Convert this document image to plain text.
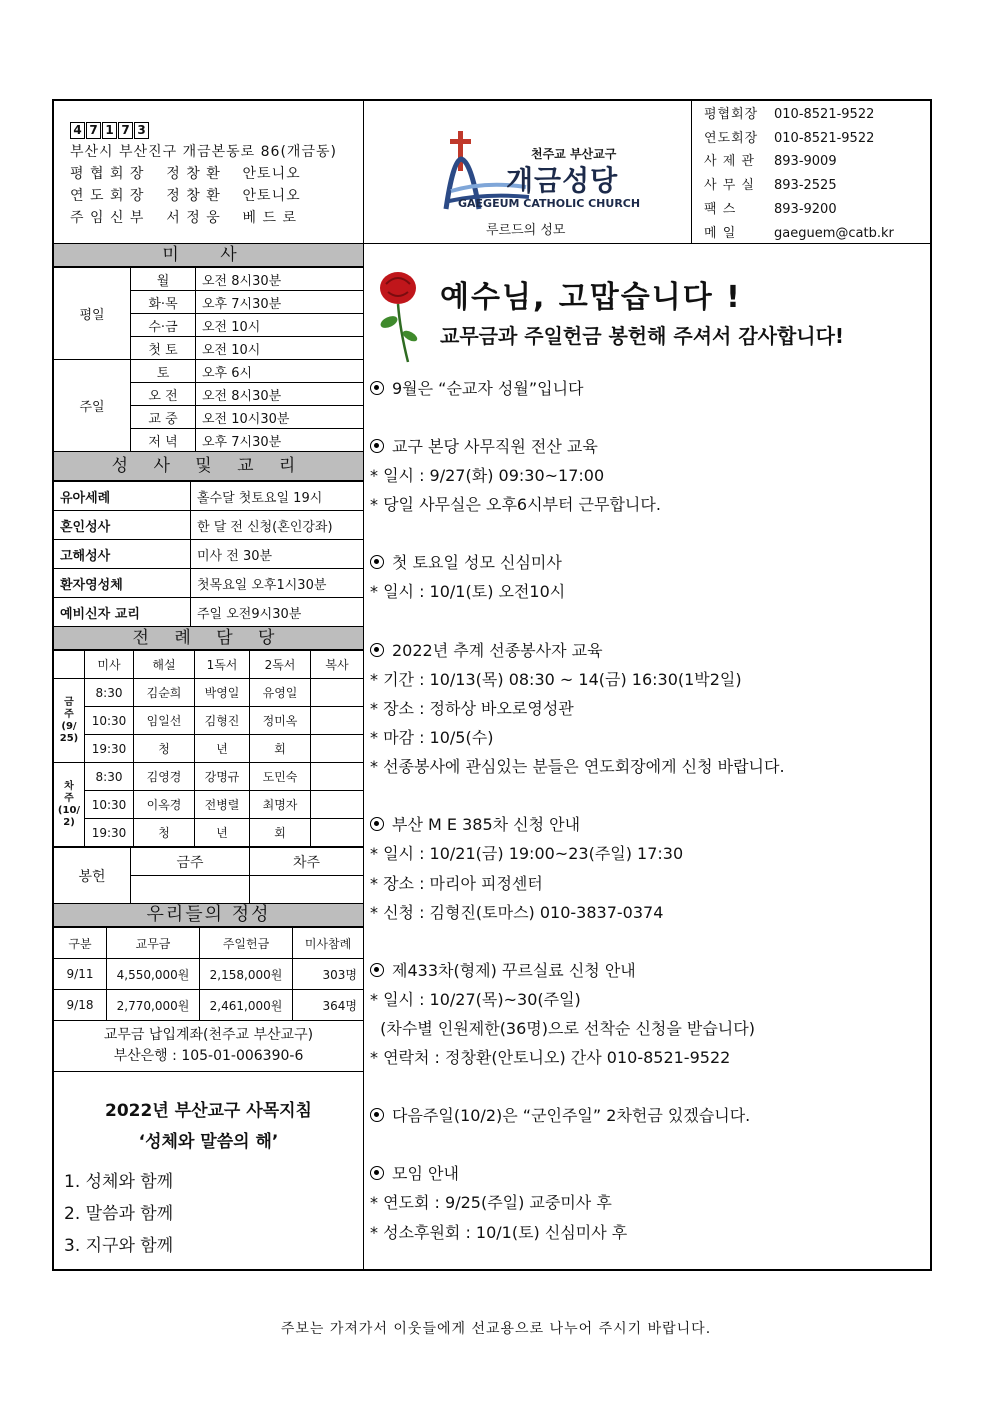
4 7 1 7 3
부산시 부산진구 개금본동로 86(개금동)
평 협 회 장    정 창 환    안토니오
연 도 회 장    정 창 환    안토니오
주 임 신 부    서 정 웅    베 드 로
천주교 부산교구
개금성당
GAEGEUM CATHOLIC CHURCH
루르드의 성모
평협회장 010-8521-9522
연도회장 010-8521-9522
사 제 관 893-9009
사 무 실 893-2525
팩 스	893-9200
메 일	gaeguem@catb.kr
미 사
평일	월	오전 8시30분
	화·목	오후 7시30분
	수·금	오전 10시
	첫 토	오전 10시
주일	토	오후 6시
	오 전	오전 8시30분
	교 중	오전 10시30분
	저 녁	오후 7시30분
성 사 및 교 리
유아세례	홀수달 첫토요일 19시
혼인성사	한 달 전 신청(혼인강좌)
고해성사	미사 전 30분
환자영성체	첫목요일 오후1시30분
예비신자 교리	주일 오전9시30분
전 례 담 당
	미사	해설	1독서	2독서	복사
금
주
(9/
25)	8:30	김순희	박영일	유영일	
	10:30	임일선	김형진	정미옥	
	19:30	청	년	회	
차
주
(10/
2)	8:30	김영경	강명규	도민숙	
	10:30	이옥경	전병렬	최명자	
	19:30	청	년	회	
봉헌	금주	차주

우리들의 정성
구분	교무금	주일헌금	미사참례
9/11	4,550,000원	2,158,000원	303명
9/18	2,770,000원	2,461,000원	364명
교무금 납입계좌(천주교 부산교구)
부산은행 : 105-01-006390-6
2022년 부산교구 사목지침
‘성체와 말씀의 해’
1. 성체와 함께
2. 말씀과 함께
3. 지구와 함께
예수님, 고맙습니다 !
교무금과 주일헌금 봉헌해 주셔서 감사합니다!
9월은 “순교자 성월”입니다
교구 본당 사무직원 전산 교육
* 일시 : 9/27(화) 09:30~17:00
* 당일 사무실은 오후6시부터 근무합니다.
첫 토요일 성모 신심미사
* 일시 : 10/1(토) 오전10시
2022년 추계 선종봉사자 교육
* 기간 : 10/13(목) 08:30 ~ 14(금) 16:30(1박2일)
* 장소 : 정하상 바오로영성관
* 마감 : 10/5(수)
* 선종봉사에 관심있는 분들은 연도회장에게 신청 바랍니다.
부산 M E 385차 신청 안내
* 일시 : 10/21(금) 19:00~23(주일) 17:30
* 장소 : 마리아 피정센터
* 신청 : 김형진(토마스) 010-3837-0374
제433차(형제) 꾸르실료 신청 안내
* 일시 : 10/27(목)~30(주일)
(차수별 인원제한(36명)으로 선착순 신청을 받습니다)
* 연락처 : 정창환(안토니오) 간사 010-8521-9522
다음주일(10/2)은 “군인주일” 2차헌금 있겠습니다.
모임 안내
* 연도회 : 9/25(주일) 교중미사 후
* 성소후원회 : 10/1(토) 신심미사 후
주보는 가져가서 이웃들에게 선교용으로 나누어 주시기 바랍니다.
